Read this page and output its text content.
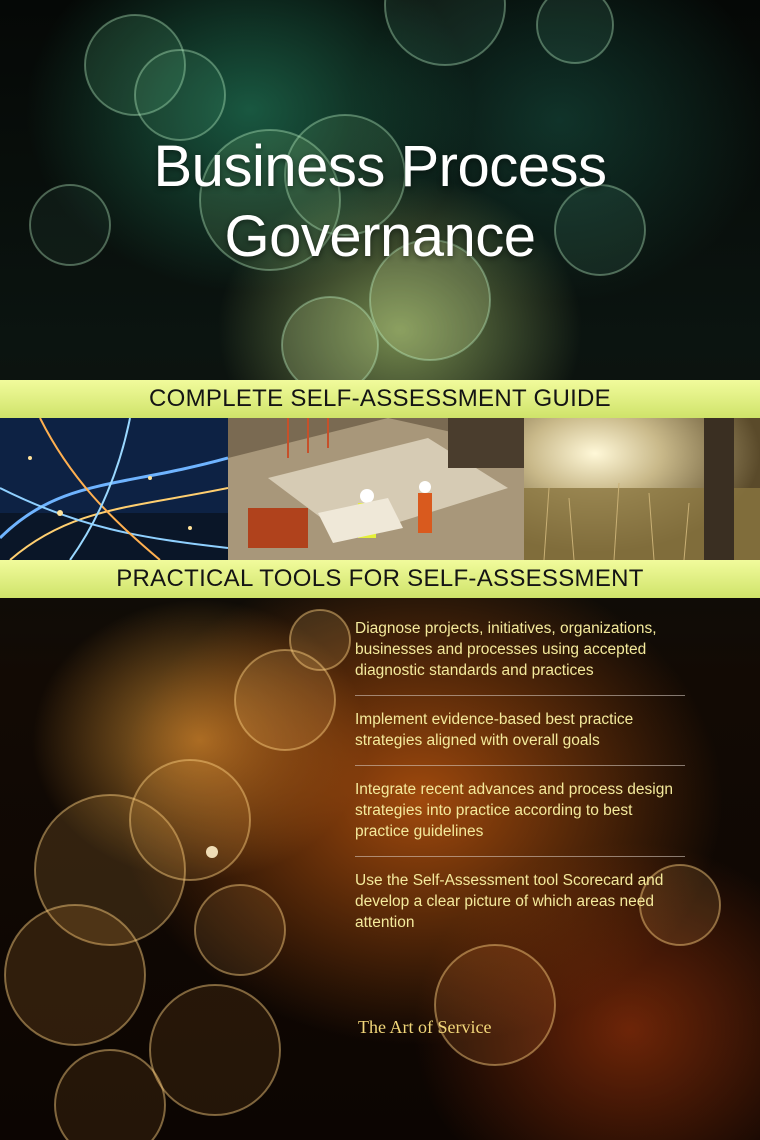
Business Process
Governance
COMPLETE SELF-ASSESSMENT GUIDE
PRACTICAL TOOLS FOR SELF-ASSESSMENT
Diagnose projects, initiatives, organizations, businesses and processes using accepted diagnostic standards and practices
Implement evidence-based best practice strategies aligned with overall goals
Integrate recent advances and process design strategies into practice according to best practice guidelines
Use the Self-Assessment tool Scorecard and develop a clear picture of which areas need attention
The Art of Service
